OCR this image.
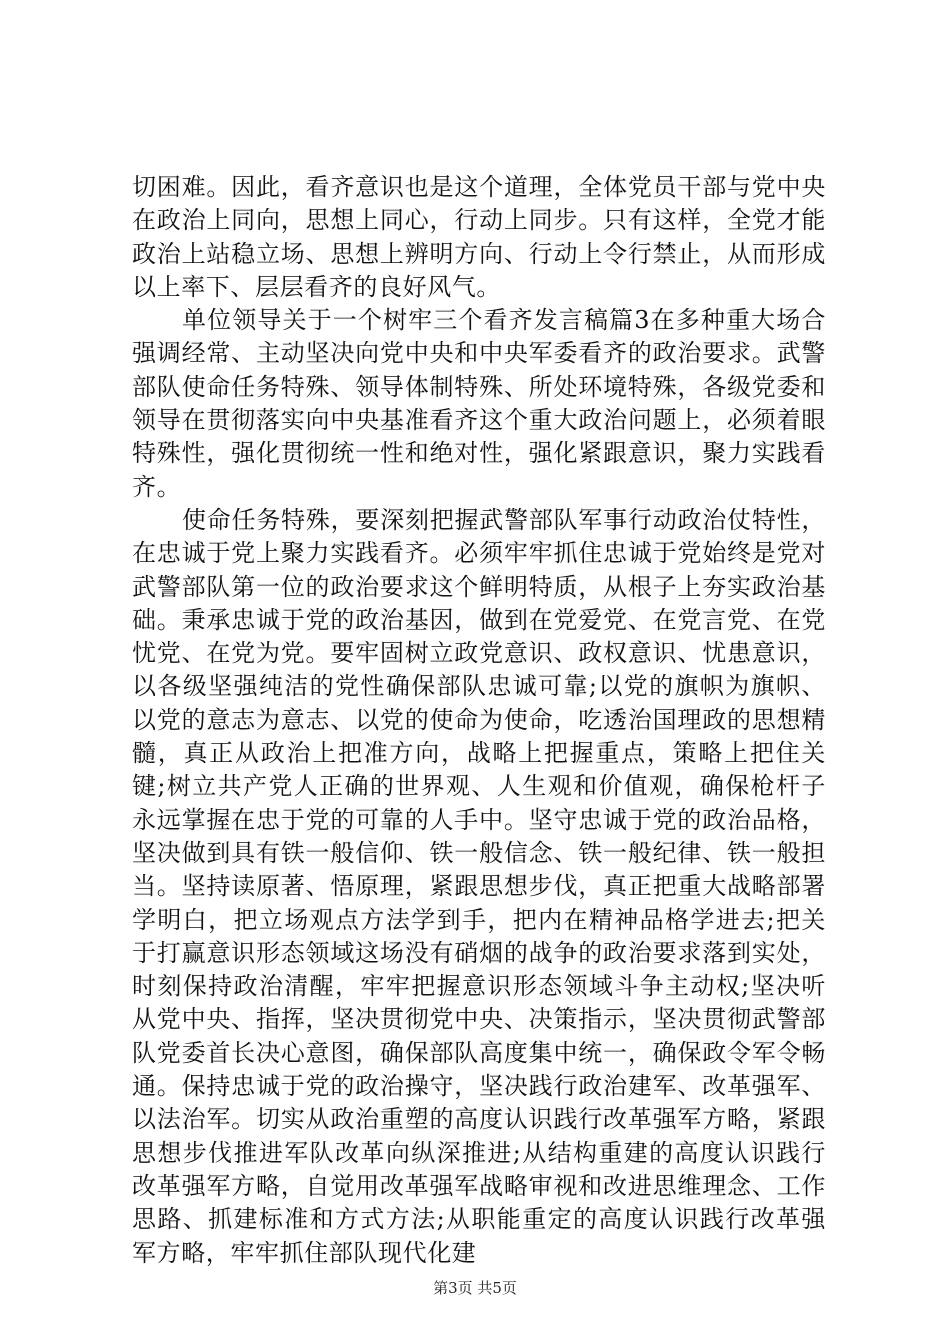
切困难。因此，看齐意识也是这个道理，全体党员干部与党中央在政治上同向，思想上同心，行动上同步。只有这样，全党才能政治上站稳立场、思想上辨明方向、行动上令行禁止，从而形成以上率下、层层看齐的良好风气。

单位领导关于一个树牢三个看齐发言稿篇3在多种重大场合强调经常、主动坚决向党中央和中央军委看齐的政治要求。武警部队使命任务特殊、领导体制特殊、所处环境特殊，各级党委和领导在贯彻落实向中央基准看齐这个重大政治问题上，必须着眼特殊性，强化贯彻统一性和绝对性，强化紧跟意识，聚力实践看齐。

使命任务特殊，要深刻把握武警部队军事行动政治仗特性，在忠诚于党上聚力实践看齐。必须牢牢抓住忠诚于党始终是党对武警部队第一位的政治要求这个鲜明特质，从根子上夯实政治基础。秉承忠诚于党的政治基因，做到在党爱党、在党言党、在党忧党、在党为党。要牢固树立政党意识、政权意识、忧患意识，以各级坚强纯洁的党性确保部队忠诚可靠;以党的旗帜为旗帜、以党的意志为意志、以党的使命为使命，吃透治国理政的思想精髓，真正从政治上把准方向，战略上把握重点，策略上把住关键;树立共产党人正确的世界观、人生观和价值观，确保枪杆子永远掌握在忠于党的可靠的人手中。坚守忠诚于党的政治品格，坚决做到具有铁一般信仰、铁一般信念、铁一般纪律、铁一般担当。坚持读原著、悟原理，紧跟思想步伐，真正把重大战略部署学明白，把立场观点方法学到手，把内在精神品格学进去;把关于打赢意识形态领域这场没有硝烟的战争的政治要求落到实处，时刻保持政治清醒，牢牢把握意识形态领域斗争主动权;坚决听从党中央、指挥，坚决贯彻党中央、决策指示，坚决贯彻武警部队党委首长决心意图，确保部队高度集中统一，确保政令军令畅通。保持忠诚于党的政治操守，坚决践行政治建军、改革强军、以法治军。切实从政治重塑的高度认识践行改革强军方略，紧跟思想步伐推进军队改革向纵深推进;从结构重建的高度认识践行改革强军方略，自觉用改革强军战略审视和改进思维理念、工作思路、抓建标准和方式方法;从职能重定的高度认识践行改革强军方略，牢牢抓住部队现代化建

第3页 共5页
